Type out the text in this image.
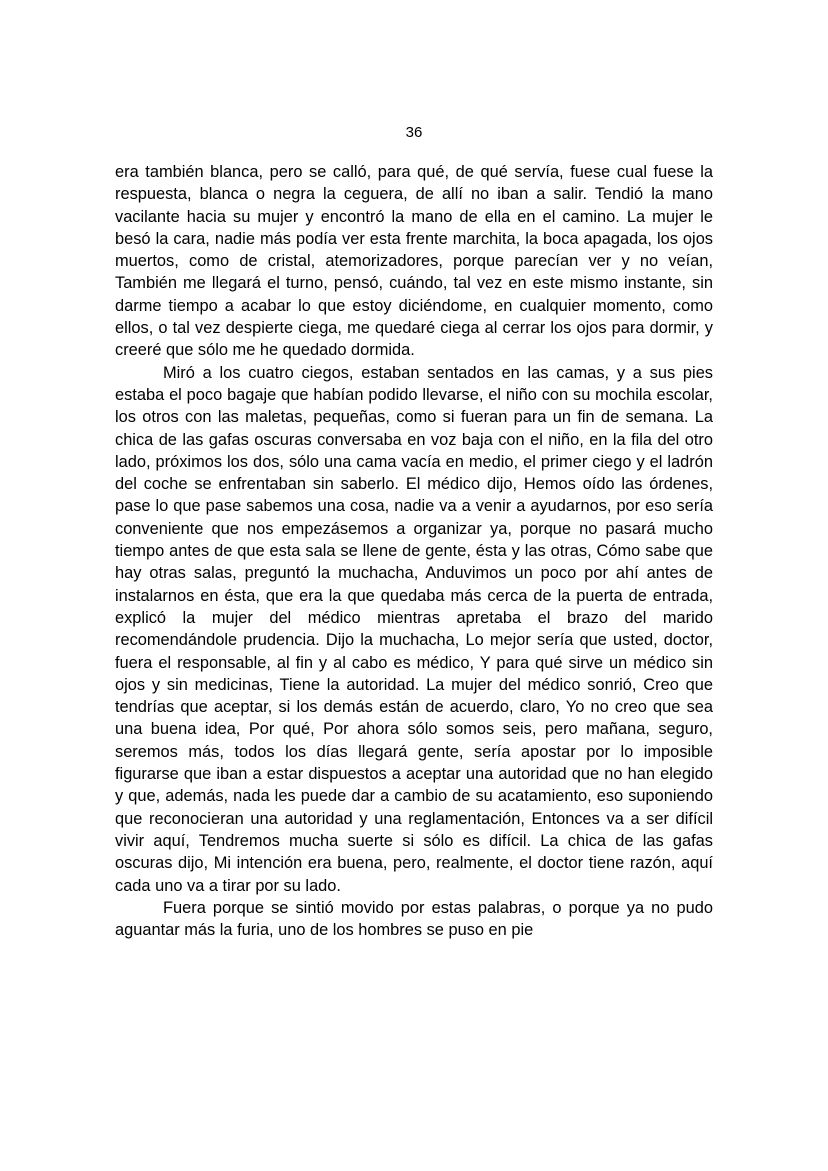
36

era también blanca, pero se calló, para qué, de qué servía, fuese cual fuese la respuesta, blanca o negra la ceguera, de allí no iban a salir. Tendió la mano vacilante hacia su mujer y encontró la mano de ella en el camino. La mujer le besó la cara, nadie más podía ver esta frente marchita, la boca apagada, los ojos muertos, como de cristal, atemorizadores, porque parecían ver y no veían, También me llegará el turno, pensó, cuándo, tal vez en este mismo instante, sin darme tiempo a acabar lo que estoy diciéndome, en cualquier momento, como ellos, o tal vez despierte ciega, me quedaré ciega al cerrar los ojos para dormir, y creeré que sólo me he quedado dormida.

Miró a los cuatro ciegos, estaban sentados en las camas, y a sus pies estaba el poco bagaje que habían podido llevarse, el niño con su mochila escolar, los otros con las maletas, pequeñas, como si fueran para un fin de semana. La chica de las gafas oscuras conversaba en voz baja con el niño, en la fila del otro lado, próximos los dos, sólo una cama vacía en medio, el primer ciego y el ladrón del coche se enfrentaban sin saberlo. El médico dijo, Hemos oído las órdenes, pase lo que pase sabemos una cosa, nadie va a venir a ayudarnos, por eso sería conveniente que nos empezásemos a organizar ya, porque no pasará mucho tiempo antes de que esta sala se llene de gente, ésta y las otras, Cómo sabe que hay otras salas, preguntó la muchacha, Anduvimos un poco por ahí antes de instalarnos en ésta, que era la que quedaba más cerca de la puerta de entrada, explicó la mujer del médico mientras apretaba el brazo del marido recomendándole prudencia. Dijo la muchacha, Lo mejor sería que usted, doctor, fuera el responsable, al fin y al cabo es médico, Y para qué sirve un médico sin ojos y sin medicinas, Tiene la autoridad. La mujer del médico sonrió, Creo que tendrías que aceptar, si los demás están de acuerdo, claro, Yo no creo que sea una buena idea, Por qué, Por ahora sólo somos seis, pero mañana, seguro, seremos más, todos los días llegará gente, sería apostar por lo imposible figurarse que iban a estar dispuestos a aceptar una autoridad que no han elegido y que, además, nada les puede dar a cambio de su acatamiento, eso suponiendo que reconocieran una autoridad y una reglamentación, Entonces va a ser difícil vivir aquí, Tendremos mucha suerte si sólo es difícil. La chica de las gafas oscuras dijo, Mi intención era buena, pero, realmente, el doctor tiene razón, aquí cada uno va a tirar por su lado.

Fuera porque se sintió movido por estas palabras, o porque ya no pudo aguantar más la furia, uno de los hombres se puso en pie
